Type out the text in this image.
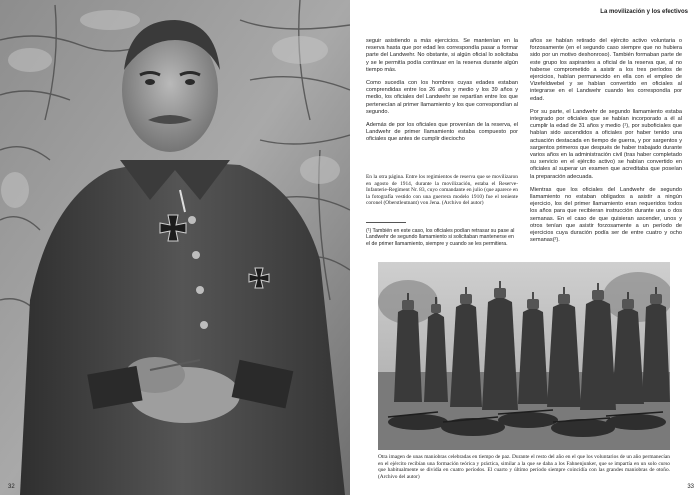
32	33
La movilización y los efectivos

seguir asistiendo a más ejercicios. Se mantenían en la reserva hasta que por edad les correspondía pasar a formar parte del Landwehr. No obstante, si algún oficial lo solicitaba y se le permitía podía continuar en la reserva durante algún tiempo más.

Como sucedía con los hombres cuyas edades estaban comprendidas entre los 26 años y medio y los 39 años y medio, los oficiales del Landwehr se repartían entre los que pertenecían al primer llamamiento y los que correspondían al segundo.

Además de por los oficiales que provenían de la reserva, el Landwehr de primer llamamiento estaba compuesto por oficiales que antes de cumplir dieciocho

En la otra página. Entre los regimientos de reserva que se movilizaron en agosto de 1914, durante la movilización, estaba el Reserve-Infanterie-Regiment Nr. 83, cuyo comandante en julio (que aparece en la fotografía vestido con una guerrera modelo 1910) fue el teniente coronel (Oberstleutnant) von Jena. (Archivo del autor)
(¹) También en este caso, los oficiales podían retrasar su pase al Landwehr de segundo llamamiento si solicitaban mantenerse en el de primer llamamiento, siempre y cuando se les permitiera.

años se habían retirado del ejército activo voluntaria o forzosamente (en el segundo caso siempre que no hubiera sido por un motivo deshonroso). También formaban parte de este grupo los aspirantes a oficial de la reserva que, al no haberse comprometido a asistir a los tres períodos de ejercicios, habían permanecido en ella con el empleo de Vizefeldwebel y se habían convertido en oficiales al integrarse en el Landwehr cuando les correspondía por edad.

Por su parte, el Landwehr de segundo llamamiento estaba integrado por oficiales que se habían incorporado a él al cumplir la edad de 31 años y medio (¹), por suboficiales que habían sido ascendidos a oficiales por haber tenido una actuación destacada en tiempo de guerra, y por sargentos y sargentos primeros que después de haber trabajado durante varios años en la administración civil (tras haber completado su servicio en el ejército activo) se habían convertido en oficiales al superar un examen que acreditaba que poseían la preparación adecuada.

Mientras que los oficiales del Landwehr de segundo llamamiento no estaban obligados a asistir a ningún ejercicio, los del primer llamamiento eran requeridos todos los años para que recibieran instrucción durante una o dos semanas. En el caso de que quisieran ascender, unos y otros tenían que asistir forzosamente a un período de ejercicios cuya duración podía ser de entre cuatro y ocho semanas(²).

Otra imagen de unas maniobras celebradas en tiempo de paz. Durante el resto del año en el que los voluntarios de un año permanecían en el ejército recibían una formación teórica y práctica, similar a la que se daba a los Fahnenjunker, que se impartía en un solo curso que habitualmente se dividía en cuatro períodos. El cuarto y último período siempre coincidía con las grandes maniobras de otoño. (Archivo del autor)
